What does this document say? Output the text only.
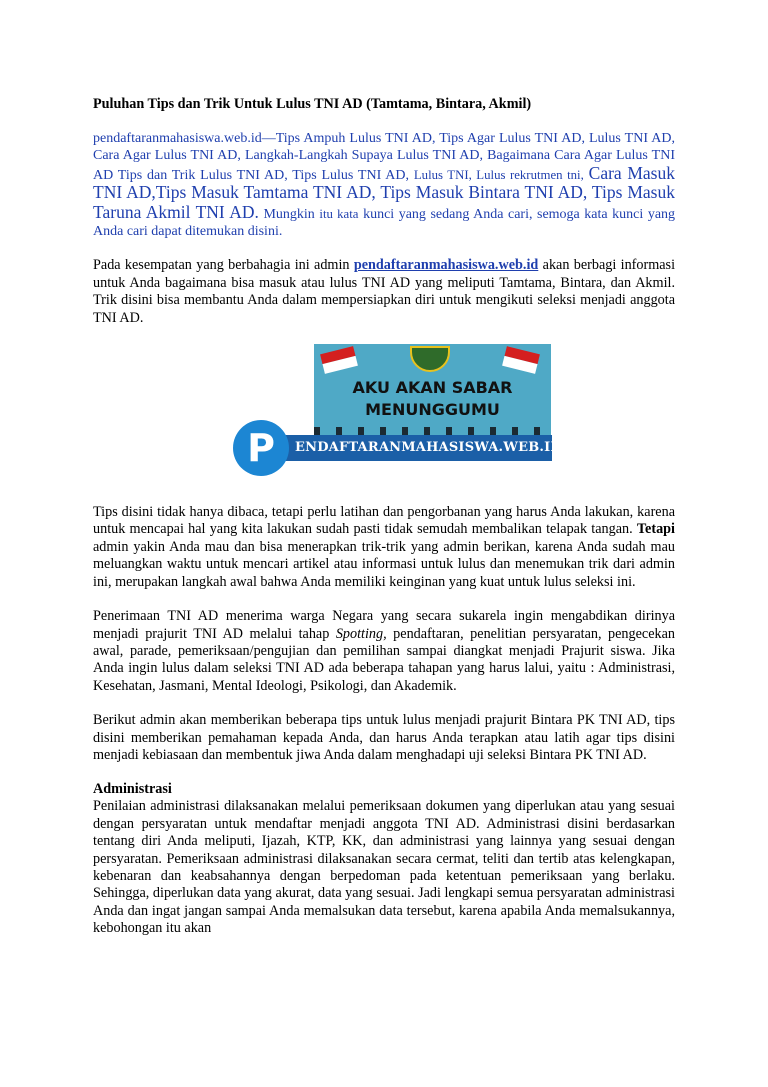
Puluhan Tips dan Trik Untuk Lulus TNI AD (Tamtama, Bintara, Akmil)

pendaftaranmahasiswa.web.id—Tips Ampuh Lulus TNI AD, Tips Agar Lulus TNI AD, Lulus TNI AD, Cara Agar Lulus TNI AD, Langkah-Langkah Supaya Lulus TNI AD, Bagaimana Cara Agar Lulus TNI AD Tips dan Trik Lulus TNI AD, Tips Lulus TNI AD, Lulus TNI, Lulus rekrutmen tni, Cara Masuk TNI AD,Tips Masuk Tamtama TNI AD, Tips Masuk Bintara TNI AD, Tips Masuk Taruna Akmil TNI AD. Mungkin itu kata kunci yang sedang Anda cari, semoga kata kunci yang Anda cari dapat ditemukan disini.

Pada kesempatan yang berbahagia ini admin pendaftaranmahasiswa.web.id akan berbagi informasi untuk Anda bagaimana bisa masuk atau lulus TNI AD yang meliputi Tamtama, Bintara, dan Akmil. Trik disini bisa membantu Anda dalam mempersiapkan diri untuk mengikuti seleksi menjadi anggota TNI AD.

AKU AKAN SABAR
MENUNGGUMU
ENDAFTARANMAHASISWA.WEB.ID
P

Tips disini tidak hanya dibaca, tetapi perlu latihan dan pengorbanan yang harus Anda lakukan, karena untuk mencapai hal yang kita lakukan sudah pasti tidak semudah membalikan telapak tangan. Tetapi admin yakin Anda mau dan bisa menerapkan trik-trik yang admin berikan, karena Anda sudah mau meluangkan waktu untuk mencari artikel atau informasi untuk lulus dan menemukan trik dari admin ini, merupakan langkah awal bahwa Anda memiliki keinginan yang kuat untuk lulus seleksi ini.

Penerimaan TNI AD menerima warga Negara yang secara sukarela ingin mengabdikan dirinya menjadi prajurit TNI AD melalui tahap Spotting, pendaftaran, penelitian persyaratan, pengecekan awal, parade, pemeriksaan/pengujian dan pemilihan sampai diangkat menjadi Prajurit siswa. Jika Anda ingin lulus dalam seleksi TNI AD ada beberapa tahapan yang harus lalui, yaitu : Administrasi, Kesehatan, Jasmani, Mental Ideologi, Psikologi, dan Akademik.

Berikut admin akan memberikan beberapa tips untuk lulus menjadi prajurit Bintara PK TNI AD, tips disini memberikan pemahaman kepada Anda, dan harus Anda terapkan atau latih agar tips disini menjadi kebiasaan dan membentuk jiwa Anda dalam menghadapi uji seleksi Bintara PK TNI AD.

Administrasi

Penilaian administrasi dilaksanakan melalui pemeriksaan dokumen yang diperlukan atau yang sesuai dengan persyaratan untuk mendaftar menjadi anggota TNI AD. Administrasi disini berdasarkan tentang diri Anda meliputi, Ijazah, KTP, KK, dan administrasi yang lainnya yang sesuai dengan persyaratan. Pemeriksaan administrasi dilaksanakan secara cermat, teliti dan tertib atas kelengkapan, kebenaran dan keabsahannya dengan berpedoman pada ketentuan pemeriksaan yang berlaku. Sehingga, diperlukan data yang akurat, data yang sesuai. Jadi lengkapi semua persyaratan administrasi Anda dan ingat jangan sampai Anda memalsukan data tersebut, karena apabila Anda memalsukannya, kebohongan itu akan
